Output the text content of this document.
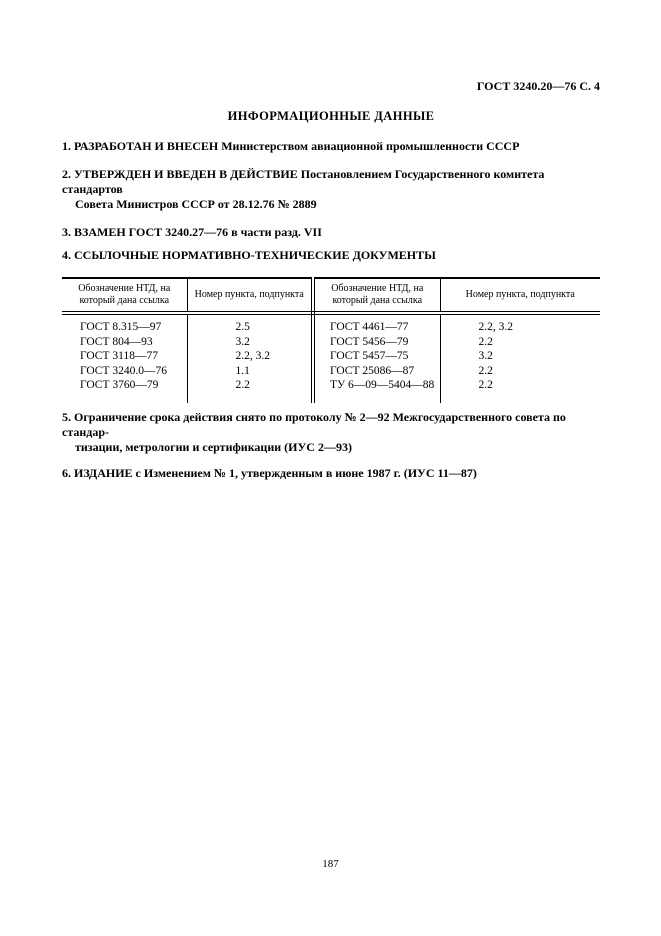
ГОСТ 3240.20—76 С. 4
ИНФОРМАЦИОННЫЕ ДАННЫЕ
1. РАЗРАБОТАН И ВНЕСЕН Министерством авиационной промышленности СССР
2. УТВЕРЖДЕН И ВВЕДЕН В ДЕЙСТВИЕ Постановлением Государственного комитета стандартов
Совета Министров СССР от 28.12.76 № 2889
3. ВЗАМЕН ГОСТ 3240.27—76 в части разд. VII
4. ССЫЛОЧНЫЕ НОРМАТИВНО-ТЕХНИЧЕСКИЕ ДОКУМЕНТЫ
Обозначение НТД, на который дана ссылка	Номер пункта, подпункта	Обозначение НТД, на который дана ссылка	Номер пункта, подпункта
ГОСТ 8.315—97	2.5	ГОСТ 4461—77	2.2, 3.2
ГОСТ 804—93	3.2	ГОСТ 5456—79	2.2
ГОСТ 3118—77	2.2, 3.2	ГОСТ 5457—75	3.2
ГОСТ 3240.0—76	1.1	ГОСТ 25086—87	2.2
ГОСТ 3760—79	2.2	ТУ 6—09—5404—88	2.2

5. Ограничение срока действия снято по протоколу № 2—92 Межгосударственного совета по стандар-
тизации, метрологии и сертификации (ИУС 2—93)
6. ИЗДАНИЕ с Изменением № 1, утвержденным в июне 1987 г. (ИУС 11—87)
187
